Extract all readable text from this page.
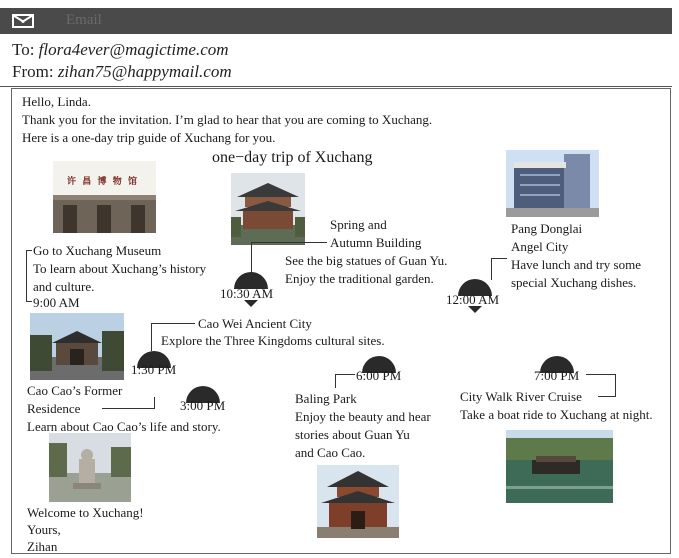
Email
To: flora4ever@magictime.com
From: zihan75@happymail.com
Hello, Linda.
Thank you for the invitation. I’m glad to hear that you are coming to Xuchang.
Here is a one-day trip guide of Xuchang for you.
one−day trip of Xuchang
许 昌 博 物 馆
Go to Xuchang Museum
To learn about Xuchang’s history
and culture.
9:00 AM
Spring and
Autumn Building
See the big statues of Guan Yu.
Enjoy the traditional garden.
10:30 AM
Pang Donglai
Angel City
Have lunch and try some
special Xuchang dishes.
12:00 AM
Cao Wei Ancient City
Explore the Three Kingdoms cultural sites.
1:30 PM
Cao Cao’s Former
Residence
Learn about Cao Cao’s life and story.
3:00 PM
6:00 PM
Baling Park
Enjoy the beauty and hear
stories about Guan Yu
and Cao Cao.
7:00 PM
City Walk River Cruise
Take a boat ride to Xuchang at night.
Welcome to Xuchang!
Yours,
Zihan
